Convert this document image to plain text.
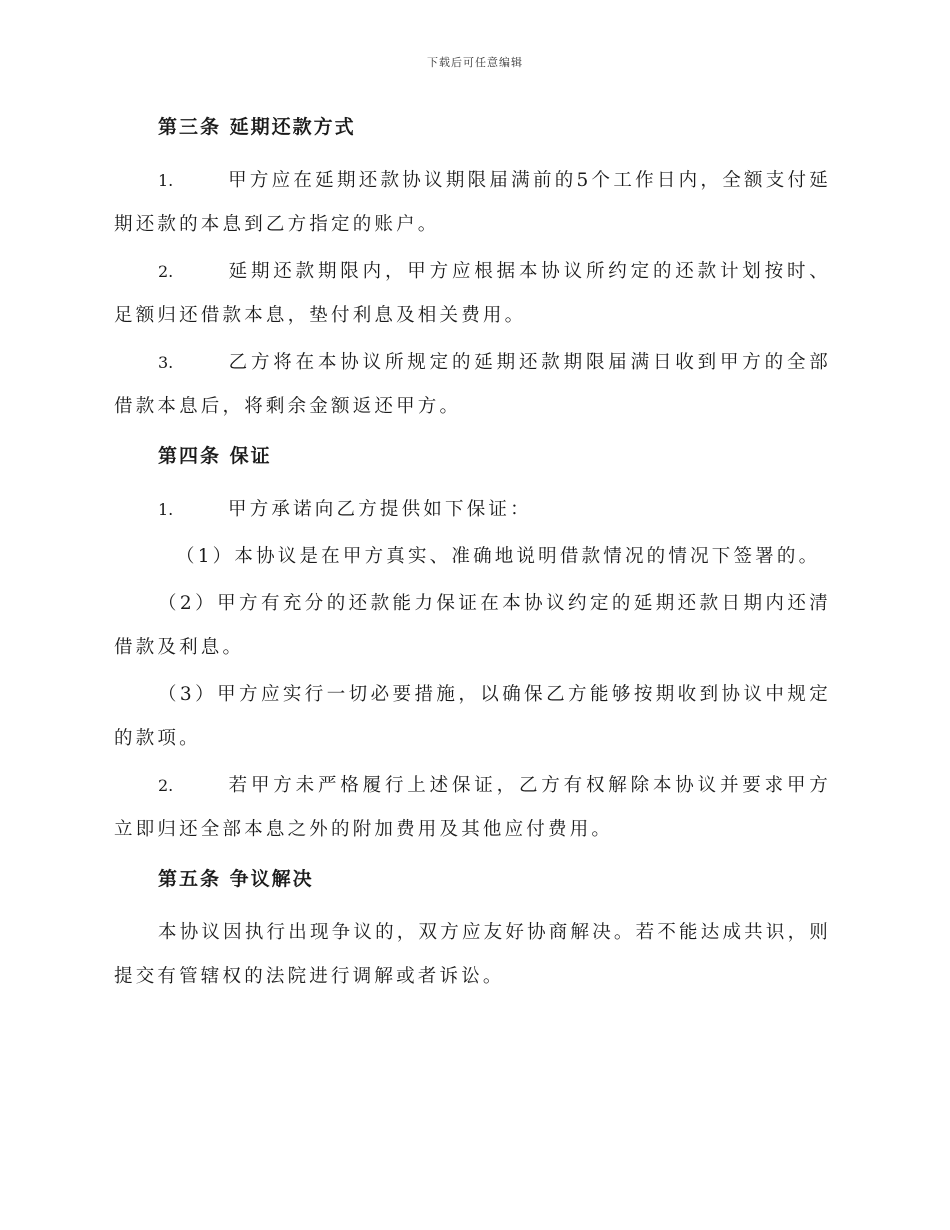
下载后可任意编辑
第三条 延期还款方式

1.	甲方应在延期还款协议期限届满前的5个工作日内，全额支付延期还款的本息到乙方指定的账户。

2.	延期还款期限内，甲方应根据本协议所约定的还款计划按时、足额归还借款本息，垫付利息及相关费用。

3.	乙方将在本协议所规定的延期还款期限届满日收到甲方的全部借款本息后，将剩余金额返还甲方。

第四条 保证

1.	甲方承诺向乙方提供如下保证：

（1）本协议是在甲方真实、准确地说明借款情况的情况下签署的。

（2）甲方有充分的还款能力保证在本协议约定的延期还款日期内还清借款及利息。

（3）甲方应实行一切必要措施，以确保乙方能够按期收到协议中规定的款项。

2.	若甲方未严格履行上述保证，乙方有权解除本协议并要求甲方立即归还全部本息之外的附加费用及其他应付费用。

第五条 争议解决

本协议因执行出现争议的，双方应友好协商解决。若不能达成共识，则提交有管辖权的法院进行调解或者诉讼。
